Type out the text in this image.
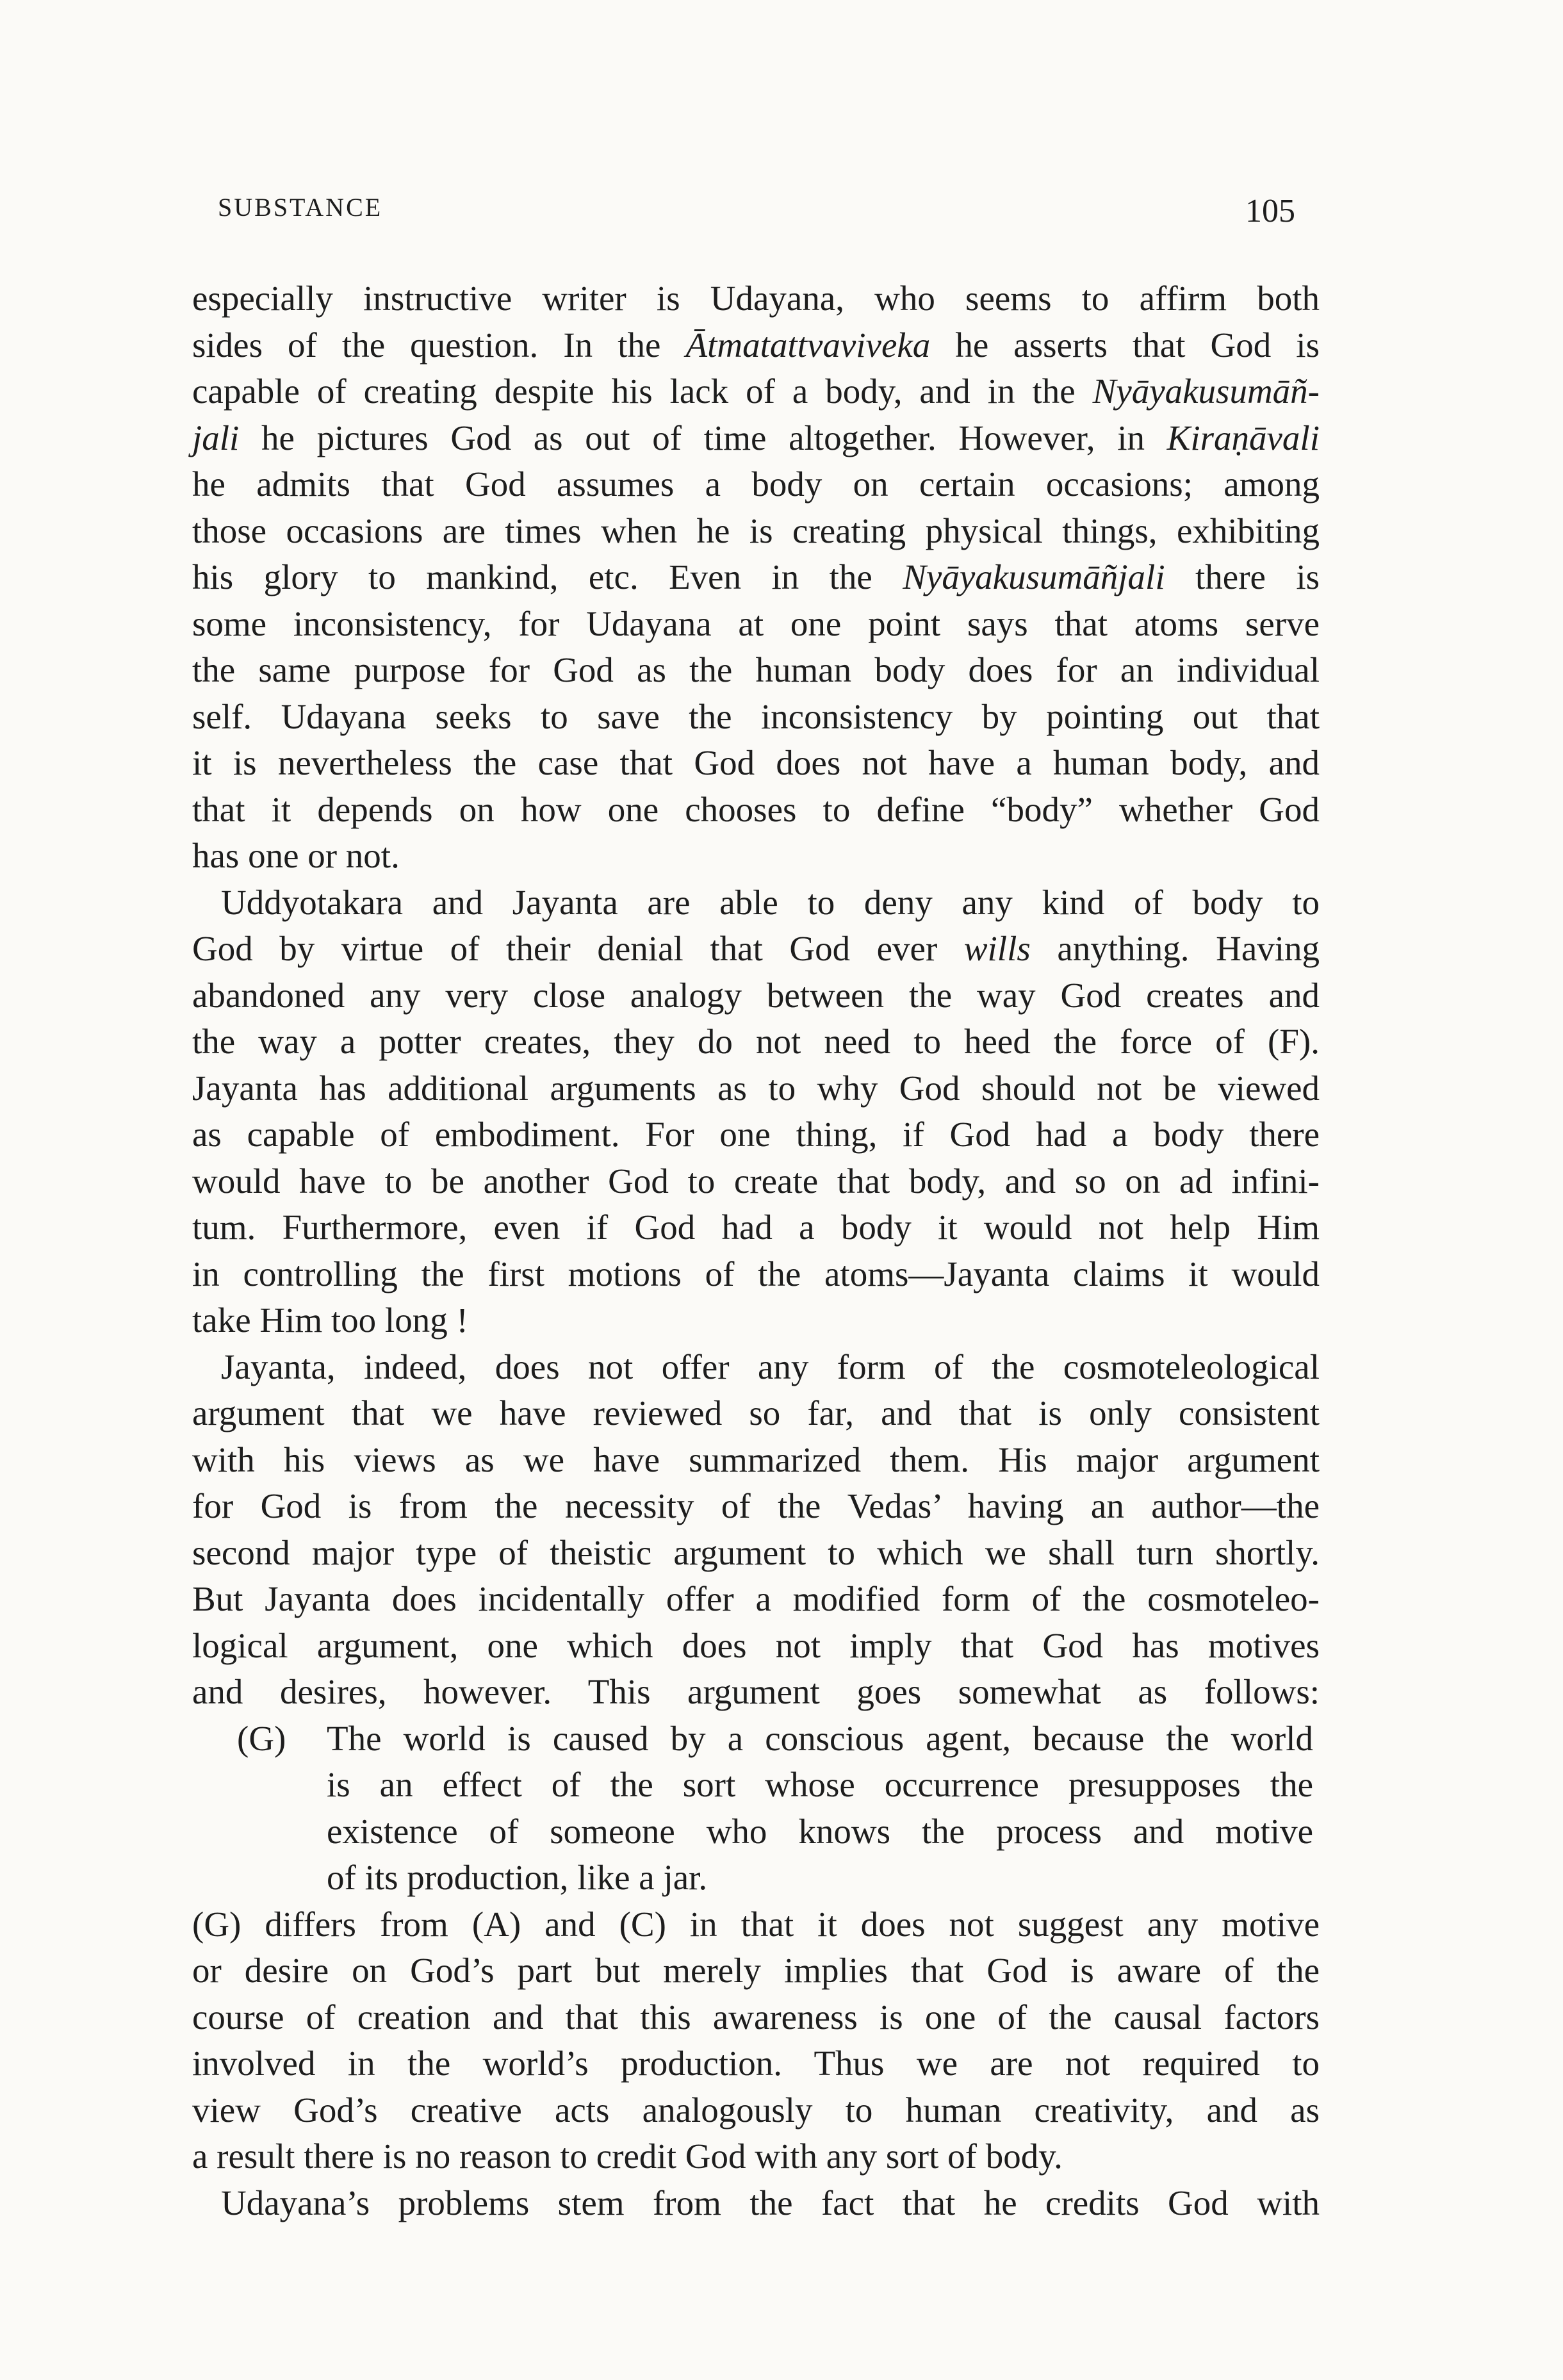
SUBSTANCE	105
especially instructive writer is Udayana, who seems to affirm both
sides of the question. In the Ātmatattvaviveka he asserts that God is
capable of creating despite his lack of a body, and in the Nyāyakusumāñ-
jali he pictures God as out of time altogether. However, in Kiraṇāvali
he admits that God assumes a body on certain occasions; among
those occasions are times when he is creating physical things, exhibiting
his glory to mankind, etc. Even in the Nyāyakusumāñjali there is
some inconsistency, for Udayana at one point says that atoms serve
the same purpose for God as the human body does for an individual
self. Udayana seeks to save the inconsistency by pointing out that
it is nevertheless the case that God does not have a human body, and
that it depends on how one chooses to define “body” whether God
has one or not.
Uddyotakara and Jayanta are able to deny any kind of body to
God by virtue of their denial that God ever wills anything. Having
abandoned any very close analogy between the way God creates and
the way a potter creates, they do not need to heed the force of (F).
Jayanta has additional arguments as to why God should not be viewed
as capable of embodiment. For one thing, if God had a body there
would have to be another God to create that body, and so on ad infini-
tum. Furthermore, even if God had a body it would not help Him
in controlling the first motions of the atoms—Jayanta claims it would
take Him too long !
Jayanta, indeed, does not offer any form of the cosmoteleological
argument that we have reviewed so far, and that is only consistent
with his views as we have summarized them. His major argument
for God is from the necessity of the Vedas’ having an author—the
second major type of theistic argument to which we shall turn shortly.
But Jayanta does incidentally offer a modified form of the cosmoteleo-
logical argument, one which does not imply that God has motives
and desires, however. This argument goes somewhat as follows:
(G) The world is caused by a conscious agent, because the world
is an effect of the sort whose occurrence presupposes the
existence of someone who knows the process and motive
of its production, like a jar.
(G) differs from (A) and (C) in that it does not suggest any motive
or desire on God’s part but merely implies that God is aware of the
course of creation and that this awareness is one of the causal factors
involved in the world’s production. Thus we are not required to
view God’s creative acts analogously to human creativity, and as
a result there is no reason to credit God with any sort of body.
Udayana’s problems stem from the fact that he credits God with
